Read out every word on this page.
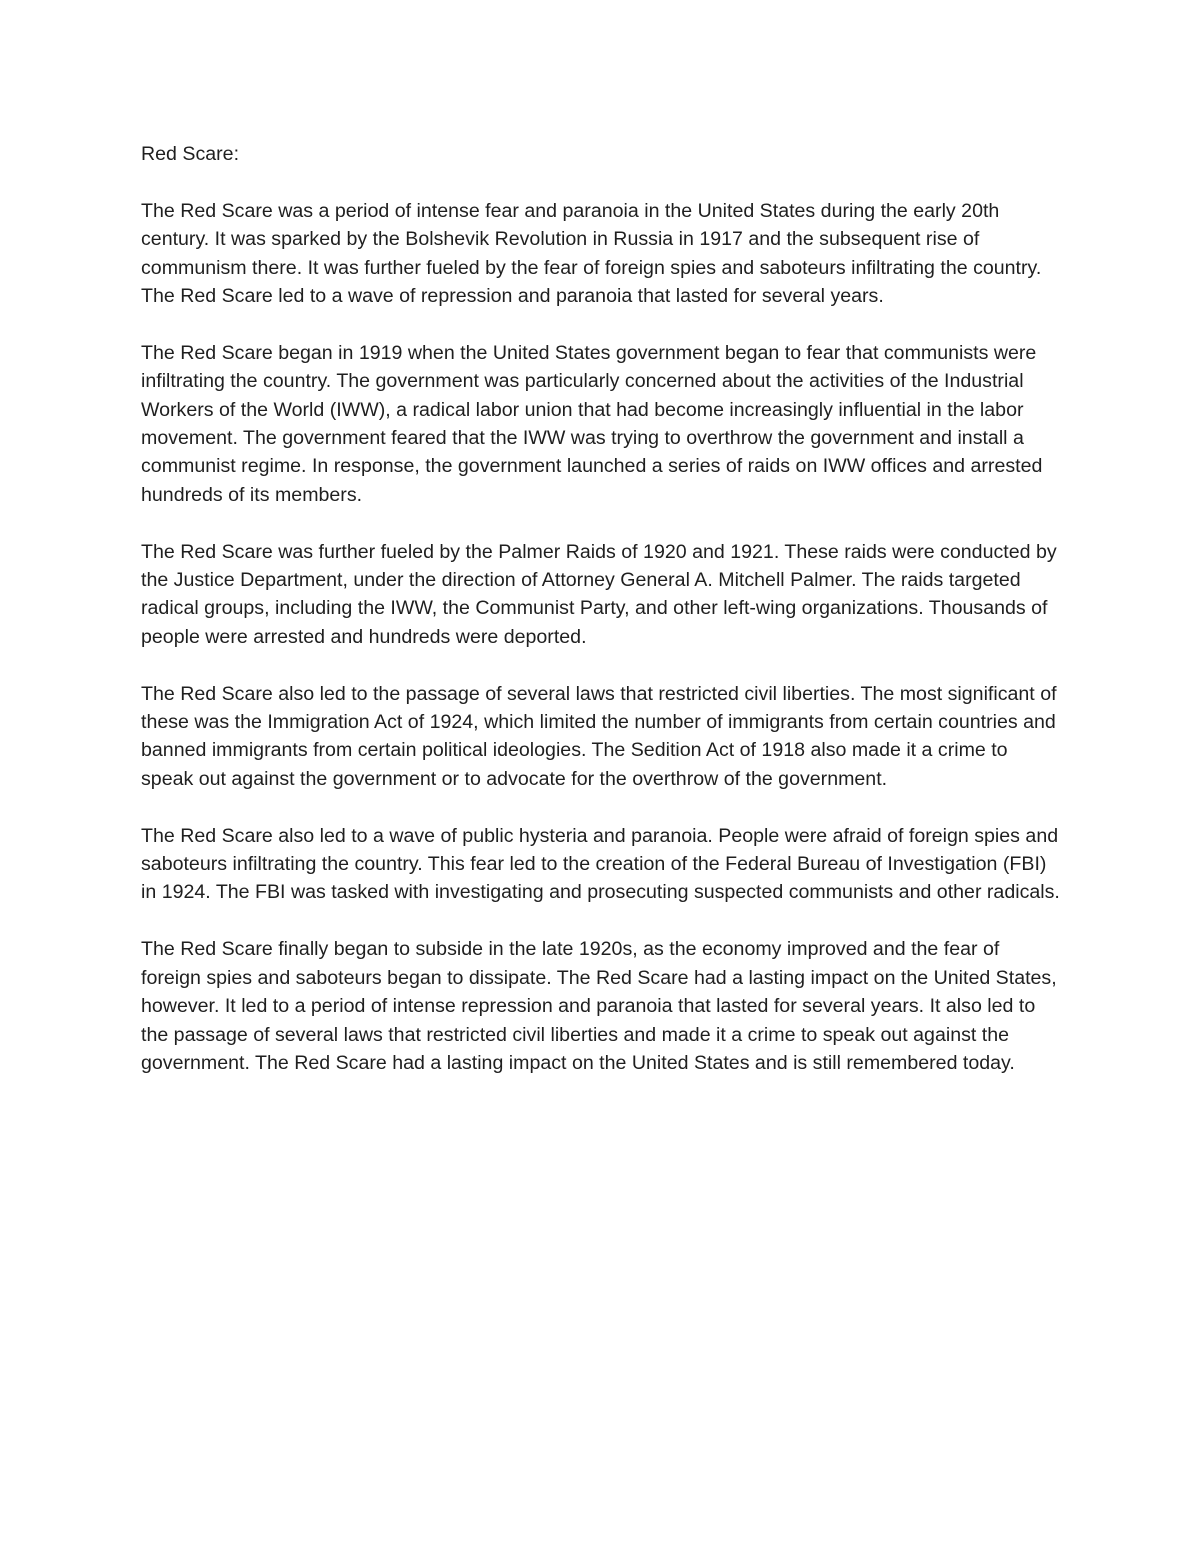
Red Scare:

The Red Scare was a period of intense fear and paranoia in the United States during the early 20th century. It was sparked by the Bolshevik Revolution in Russia in 1917 and the subsequent rise of communism there. It was further fueled by the fear of foreign spies and saboteurs infiltrating the country. The Red Scare led to a wave of repression and paranoia that lasted for several years.

The Red Scare began in 1919 when the United States government began to fear that communists were infiltrating the country. The government was particularly concerned about the activities of the Industrial Workers of the World (IWW), a radical labor union that had become increasingly influential in the labor movement. The government feared that the IWW was trying to overthrow the government and install a communist regime. In response, the government launched a series of raids on IWW offices and arrested hundreds of its members.

The Red Scare was further fueled by the Palmer Raids of 1920 and 1921. These raids were conducted by the Justice Department, under the direction of Attorney General A. Mitchell Palmer. The raids targeted radical groups, including the IWW, the Communist Party, and other left-wing organizations. Thousands of people were arrested and hundreds were deported.

The Red Scare also led to the passage of several laws that restricted civil liberties. The most significant of these was the Immigration Act of 1924, which limited the number of immigrants from certain countries and banned immigrants from certain political ideologies. The Sedition Act of 1918 also made it a crime to speak out against the government or to advocate for the overthrow of the government.

The Red Scare also led to a wave of public hysteria and paranoia. People were afraid of foreign spies and saboteurs infiltrating the country. This fear led to the creation of the Federal Bureau of Investigation (FBI) in 1924. The FBI was tasked with investigating and prosecuting suspected communists and other radicals.

The Red Scare finally began to subside in the late 1920s, as the economy improved and the fear of foreign spies and saboteurs began to dissipate. The Red Scare had a lasting impact on the United States, however. It led to a period of intense repression and paranoia that lasted for several years. It also led to the passage of several laws that restricted civil liberties and made it a crime to speak out against the government. The Red Scare had a lasting impact on the United States and is still remembered today.
